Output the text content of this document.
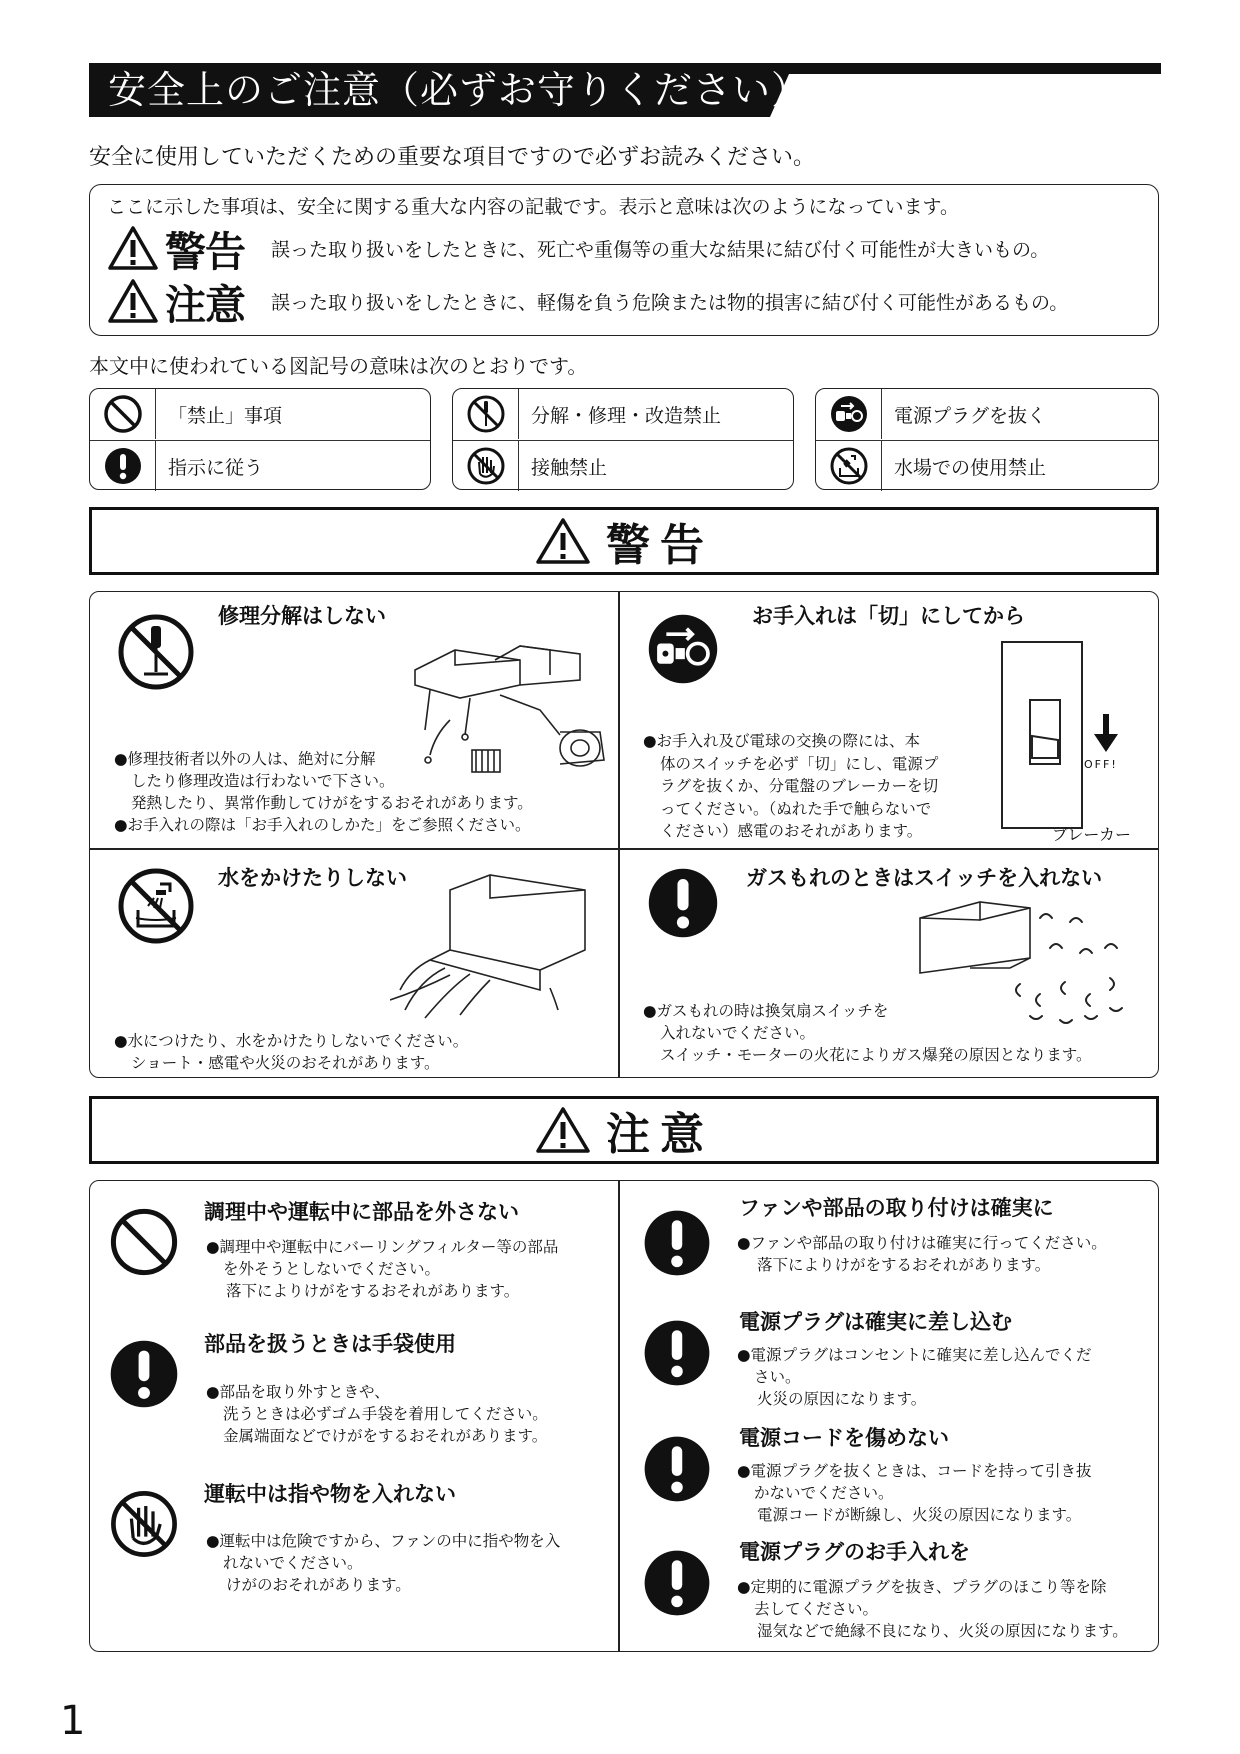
安全上のご注意（必ずお守りください）
安全に使用していただくための重要な項目ですので必ずお読みください。
ここに示した事項は、安全に関する重大な内容の記載です。表示と意味は次のようになっています。
警告	誤った取り扱いをしたときに、死亡や重傷等の重大な結果に結び付く可能性が大きいもの。
注意	誤った取り扱いをしたときに、軽傷を負う危険または物的損害に結び付く可能性があるもの。
本文中に使われている図記号の意味は次のとおりです。
「禁止」事項
指示に従う
分解・修理・改造禁止
接触禁止
電源プラグを抜く
水場での使用禁止
警告
修理分解はしない
●修理技術者以外の人は、絶対に分解
したり修理改造は行わないで下さい。
発熱したり、異常作動してけがをするおそれがあります。
●お手入れの際は「お手入れのしかた」をご参照ください。
お手入れは「切」にしてから
OFF!
ブレーカー
●お手入れ及び電球の交換の際には、本
体のスイッチを必ず「切」にし、電源プ
ラグを抜くか、分電盤のブレーカーを切
ってください。（ぬれた手で触らないで
ください）感電のおそれがあります。
水をかけたりしない
●水につけたり、水をかけたりしないでください。
ショート・感電や火災のおそれがあります。
ガスもれのときはスイッチを入れない
●ガスもれの時は換気扇スイッチを
入れないでください。
スイッチ・モーターの火花によりガス爆発の原因となります。
注意
調理中や運転中に部品を外さない
●調理中や運転中にバーリングフィルター等の部品
を外そうとしないでください。
落下によりけがをするおそれがあります。
部品を扱うときは手袋使用
●部品を取り外すときや、
洗うときは必ずゴム手袋を着用してください。
金属端面などでけがをするおそれがあります。
運転中は指や物を入れない
●運転中は危険ですから、ファンの中に指や物を入
れないでください。
けがのおそれがあります。
ファンや部品の取り付けは確実に
●ファンや部品の取り付けは確実に行ってください。
落下によりけがをするおそれがあります。
電源プラグは確実に差し込む
●電源プラグはコンセントに確実に差し込んでくだ
さい。
火災の原因になります。
電源コードを傷めない
●電源プラグを抜くときは、コードを持って引き抜
かないでください。
電源コードが断線し、火災の原因になります。
電源プラグのお手入れを
●定期的に電源プラグを抜き、プラグのほこり等を除
去してください。
湿気などで絶縁不良になり、火災の原因になります。
1
